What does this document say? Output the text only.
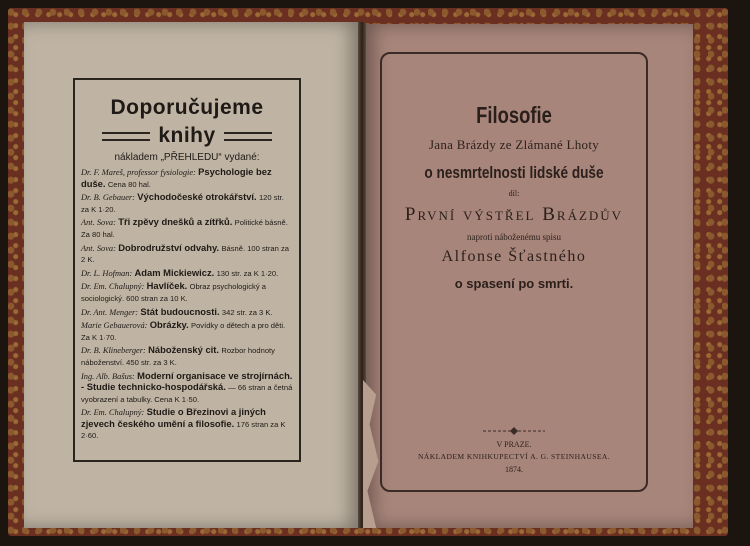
Doporučujeme
knihy
nákladem „PŘEHLEDU“ vydané:
Dr. F. Mareš, professor fysiologie: Psychologie bez duše. Cena 80 hal.
Dr. B. Gebauer: Východočeské otrokářství. 120 str. za K 1·20.
Ant. Sova: Tři zpěvy dnešků a zítřků. Politické básně. Za 80 hal.
Ant. Sova: Dobrodružství odvahy. Básně. 100 stran za 2 K.
Dr. L. Hofman: Adam Mickiewicz. 130 str. za K 1·20.
Dr. Em. Chalupný: Havlíček. Obraz psychologický a sociologický. 600 stran za 10 K.
Dr. Ant. Menger: Stát budoucnosti. 342 str. za 3 K.
Marie Gebauerová: Obrázky. Povídky o dětech a pro děti. Za K 1·70.
Dr. B. Klineberger: Náboženský cit. Rozbor hodnoty náboženství. 450 str. za 3 K.
Ing. Alb. Bašus: Moderní organisace ve strojírnách. - Studie technicko-hospodářská. — 66 stran a četná vyobrazení a tabulky. Cena K 1·50.
Dr. Em. Chalupný: Studie o Březinovi a jiných zjevech českého umění a filosofie. 176 stran za K 2·60.
Filosofie
Jana Brázdy ze Zlámané Lhoty
o nesmrtelnosti lidské duše
díl:
První výstřel Brázdův
naproti náboženému spisu
Alfonse Šťastného
o spasení po smrti.
V PRAZE.
NÁKLADEM KNIHKUPECTVÍ A. G. STEINHAUSEA.
1874.
